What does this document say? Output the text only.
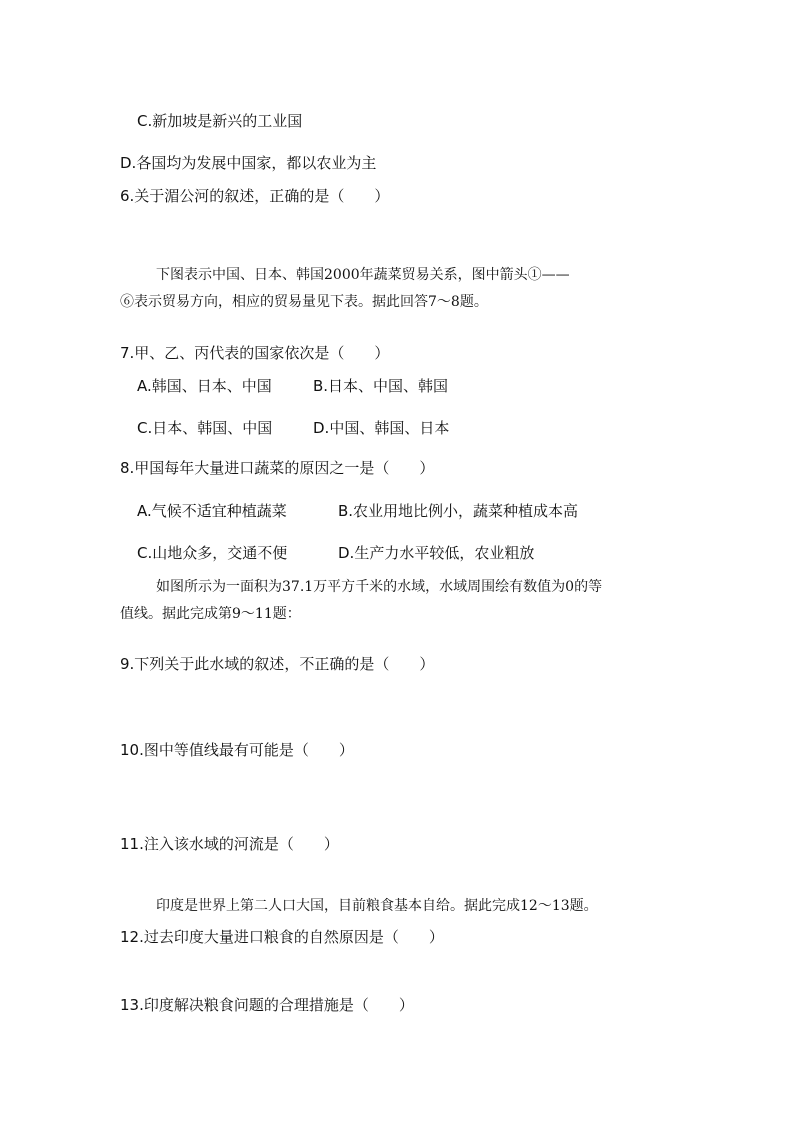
C.新加坡是新兴的工业国
D.各国均为发展中国家，都以农业为主
6.关于湄公河的叙述，正确的是（　　）
下图表示中国、日本、韩国2000年蔬菜贸易关系，图中箭头①——
⑥表示贸易方向，相应的贸易量见下表。据此回答7～8题。
7.甲、乙、丙代表的国家依次是（　　）
A.韩国、日本、中国	B.日本、中国、韩国
C.日本、韩国、中国	D.中国、韩国、日本
8.甲国每年大量进口蔬菜的原因之一是（　　）
A.气候不适宜种植蔬菜	B.农业用地比例小，蔬菜种植成本高
C.山地众多，交通不便	D.生产力水平较低，农业粗放
如图所示为一面积为37.1万平方千米的水域，水域周围绘有数值为0的等
值线。据此完成第9～11题：
9.下列关于此水域的叙述，不正确的是（　　）
10.图中等值线最有可能是（　　）
11.注入该水域的河流是（　　）
印度是世界上第二人口大国，目前粮食基本自给。据此完成12～13题。
12.过去印度大量进口粮食的自然原因是（　　）
13.印度解决粮食问题的合理措施是（　　）
